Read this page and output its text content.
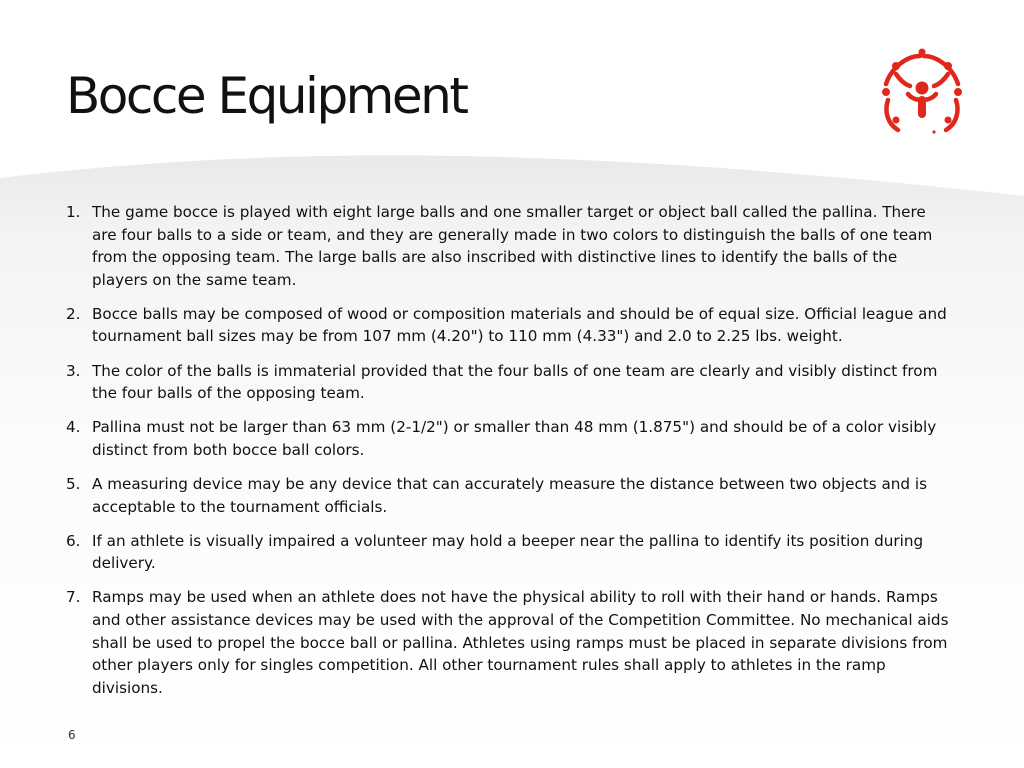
Bocce Equipment
1. The game bocce is played with eight large balls and one smaller target or object ball called the pallina. There are four balls to a side or team, and they are generally made in two colors to distinguish the balls of one team from the opposing team. The large balls are also inscribed with distinctive lines to identify the balls of the players on the same team.
2. Bocce balls may be composed of wood or composition materials and should be of equal size. Official league and tournament ball sizes may be from 107 mm (4.20") to 110 mm (4.33") and 2.0 to 2.25 lbs. weight.
3. The color of the balls is immaterial provided that the four balls of one team are clearly and visibly distinct from the four balls of the opposing team.
4. Pallina must not be larger than 63 mm (2-1/2") or smaller than 48 mm (1.875") and should be of a color visibly distinct from both bocce ball colors.
5. A measuring device may be any device that can accurately measure the distance between two objects and is acceptable to the tournament officials.
6. If an athlete is visually impaired a volunteer may hold a beeper near the pallina to identify its position during delivery.
7. Ramps may be used when an athlete does not have the physical ability to roll with their hand or hands. Ramps and other assistance devices may be used with the approval of the Competition Committee. No mechanical aids shall be used to propel the bocce ball or pallina. Athletes using ramps must be placed in separate divisions from other players only for singles competition. All other tournament rules shall apply to athletes in the ramp divisions.
6
